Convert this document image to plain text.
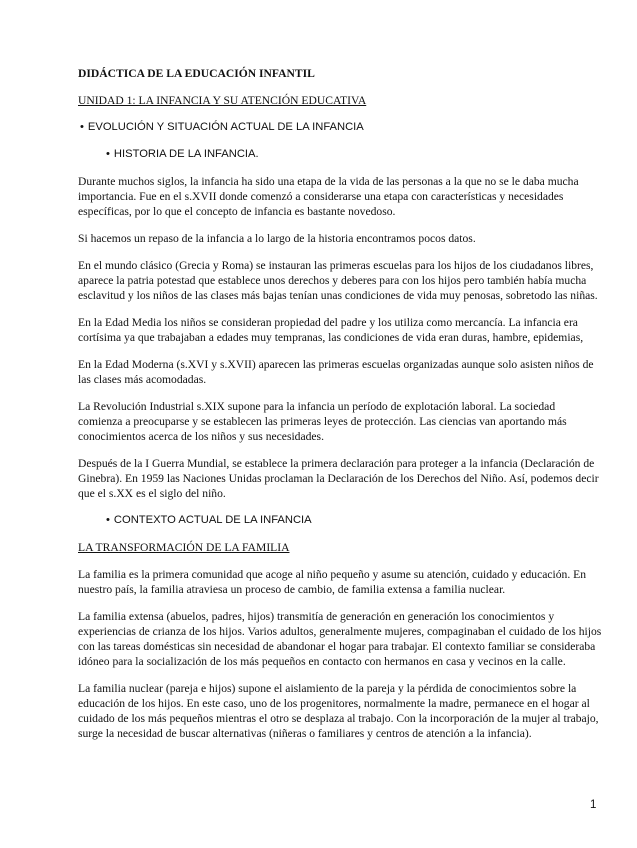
DIDÁCTICA DE LA EDUCACIÓN INFANTIL
UNIDAD 1: LA INFANCIA Y SU ATENCIÓN EDUCATIVA
• EVOLUCIÓN Y SITUACIÓN ACTUAL DE LA INFANCIA
• HISTORIA DE LA INFANCIA.

Durante muchos siglos, la infancia ha sido una etapa de la vida de las personas a la que no se le daba mucha importancia. Fue en el s.XVII donde comenzó a considerarse una etapa con características y necesidades específicas, por lo que el concepto de infancia es bastante novedoso.

Si hacemos un repaso de la infancia a lo largo de la historia encontramos pocos datos.

En el mundo clásico (Grecia y Roma) se instauran las primeras escuelas para los hijos de los ciudadanos libres, aparece la patria potestad que establece unos derechos y deberes para con los hijos pero también había mucha esclavitud y los niños de las clases más bajas tenían unas condiciones de vida muy penosas, sobretodo las niñas.

En la Edad Media los niños se consideran propiedad del padre y los utiliza como mercancía. La infancia era cortísima ya que trabajaban a edades muy tempranas, las condiciones de vida eran duras, hambre, epidemias,

En la Edad Moderna (s.XVI y s.XVII) aparecen las primeras escuelas organizadas aunque solo asisten niños de las clases más acomodadas.

La Revolución Industrial s.XIX supone para la infancia un período de explotación laboral. La sociedad comienza a preocuparse y se establecen las primeras leyes de protección. Las ciencias van aportando más conocimientos acerca de los niños y sus necesidades.

Después de la I Guerra Mundial, se establece la primera declaración para proteger a la infancia (Declaración de Ginebra). En 1959 las Naciones Unidas proclaman la Declaración de los Derechos del Niño. Así, podemos decir que el s.XX es el siglo del niño.

• CONTEXTO ACTUAL DE LA INFANCIA
LA TRANSFORMACIÓN DE LA FAMILIA

La familia es la primera comunidad que acoge al niño pequeño y asume su atención, cuidado y educación. En nuestro país, la familia atraviesa un proceso de cambio, de familia extensa a familia nuclear.

La familia extensa (abuelos, padres, hijos) transmitía de generación en generación los conocimientos y experiencias de crianza de los hijos. Varios adultos, generalmente mujeres, compaginaban el cuidado de los hijos con las tareas domésticas sin necesidad de abandonar el hogar para trabajar. El contexto familiar se consideraba idóneo para la socialización de los más pequeños en contacto con hermanos en casa y vecinos en la calle.

La familia nuclear (pareja e hijos) supone el aislamiento de la pareja y la pérdida de conocimientos sobre la educación de los hijos. En este caso, uno de los progenitores, normalmente la madre, permanece en el hogar al cuidado de los más pequeños mientras el otro se desplaza al trabajo. Con la incorporación de la mujer al trabajo, surge la necesidad de buscar alternativas (niñeras o familiares y centros de atención a la infancia).

1
